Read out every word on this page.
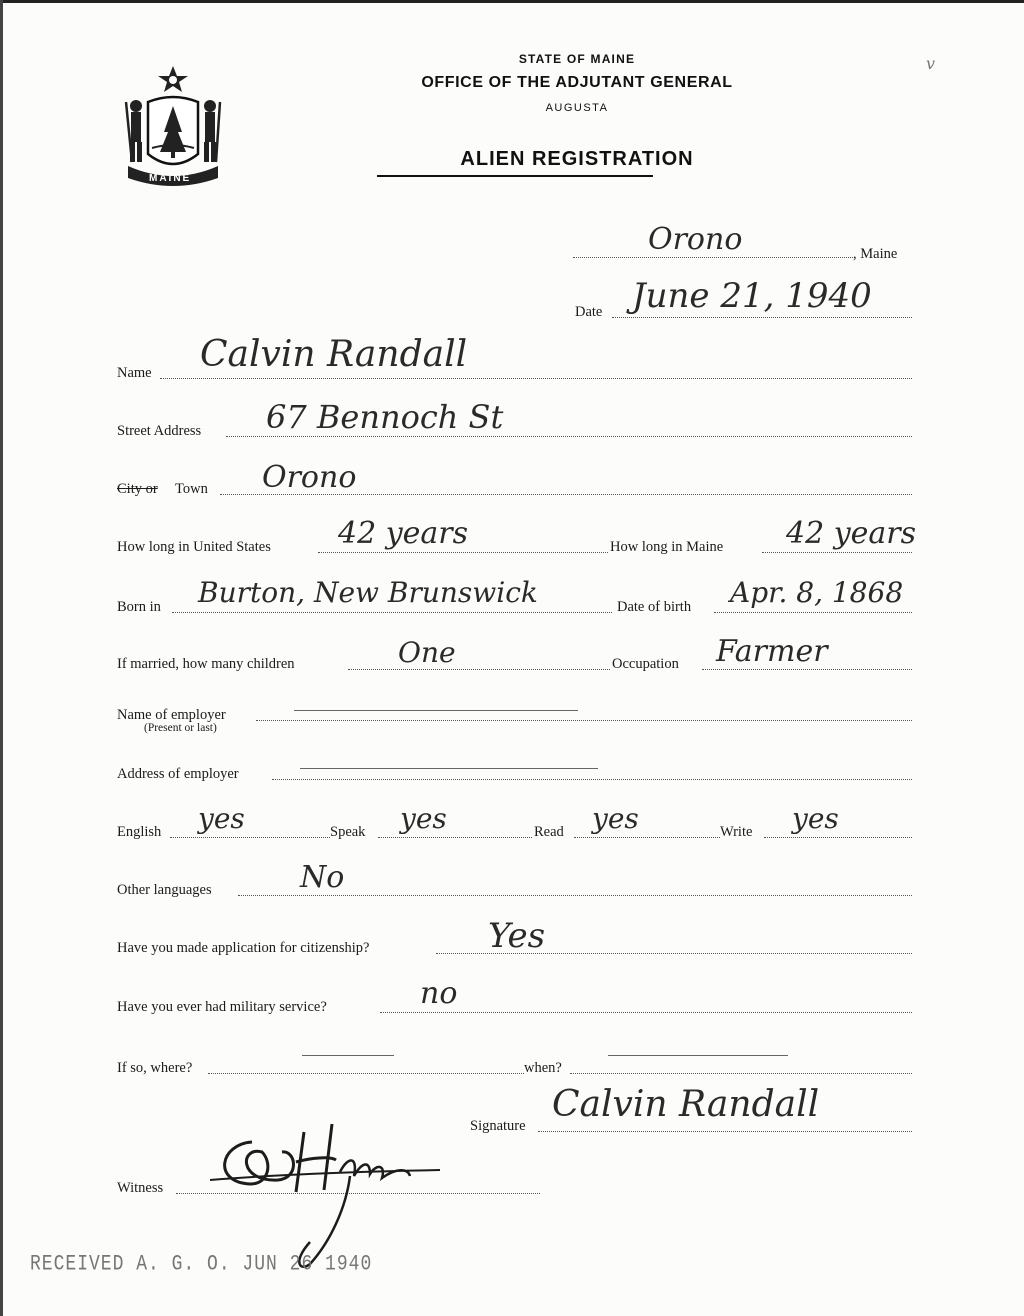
MAINE
v
STATE OF MAINE
OFFICE OF THE ADJUTANT GENERAL
AUGUSTA
ALIEN REGISTRATION
Orono	, Maine
Date June 21, 1940
Name Calvin Randall
Street Address 67 Bennoch St
City or Town Orono
How long in United States 42 years	How long in Maine 42 years
Born in Burton, New Brunswick	Date of birth Apr. 8, 1868
If married, how many children	One	Occupation Farmer
Name of employer
(Present or last)
Address of employer
English yes	Speak yes	Read yes	Write yes
Other languages	No
Have you made application for citizenship?	Yes
Have you ever had military service?	no
If so, where?	when?
Signature
Calvin Randall
Witness
RECEIVED A. G. O. JUN 26 1940
